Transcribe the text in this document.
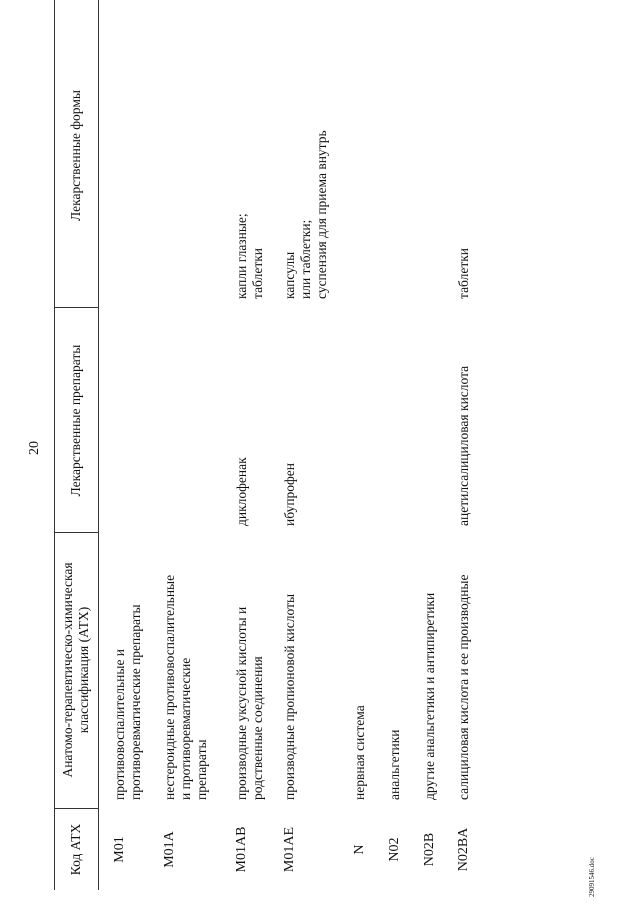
20
Код АТХ
Анатомо-терапевтическо-химическая классификация (АТХ)
Лекарственные препараты
Лекарственные формы
M01
противовоспалительные и
противоревматические препараты
M01A
нестероидные противовоспалительные
и противоревматические
препараты
M01AB
производные уксусной кислоты и
родственные соединения
диклофенак
капли глазные;
таблетки
M01AE
производные пропионовой кислоты
ибупрофен
капсулы
или таблетки;
суспензия для приема внутрь
N
нервная система
N02
анальгетики
N02B
другие анальгетики и антипиретики
N02BA
салициловая кислота и ее производные
ацетилсалициловая кислота
таблетки
29091546.doc
